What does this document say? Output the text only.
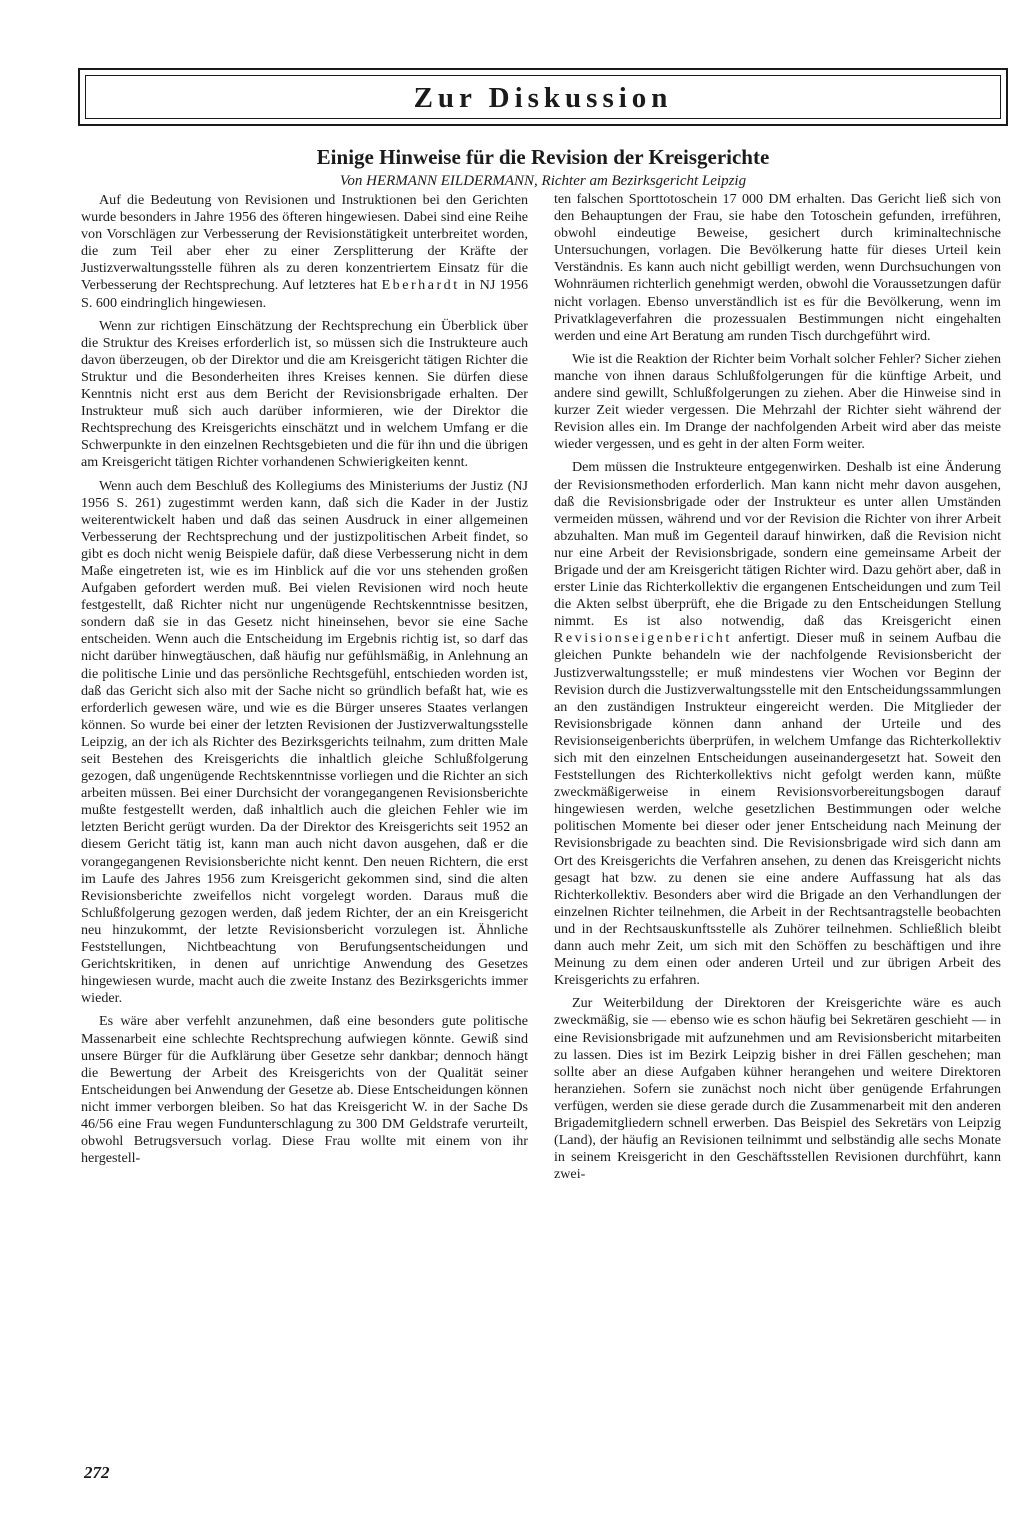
Zur Diskussion
Einige Hinweise für die Revision der Kreisgerichte

Von HERMANN EILDERMANN, Richter am Bezirksgericht Leipzig

Auf die Bedeutung von Revisionen und Instruktionen bei den Gerichten wurde besonders in Jahre 1956 des öfteren hingewiesen. Dabei sind eine Reihe von Vorschlägen zur Verbesserung der Revisionstätigkeit unterbreitet worden, die zum Teil aber eher zu einer Zersplitterung der Kräfte der Justizverwaltungsstelle führen als zu deren konzentriertem Einsatz für die Verbesserung der Rechtsprechung. Auf letzteres hat Eberhardt in NJ 1956 S. 600 eindringlich hingewiesen.

Wenn zur richtigen Einschätzung der Rechtsprechung ein Überblick über die Struktur des Kreises erforderlich ist, so müssen sich die Instrukteure auch davon überzeugen, ob der Direktor und die am Kreisgericht tätigen Richter die Struktur und die Besonderheiten ihres Kreises kennen. Sie dürfen diese Kenntnis nicht erst aus dem Bericht der Revisionsbrigade erhalten. Der Instrukteur muß sich auch darüber informieren, wie der Direktor die Rechtsprechung des Kreisgerichts einschätzt und in welchem Umfang er die Schwerpunkte in den einzelnen Rechtsgebieten und die für ihn und die übrigen am Kreisgericht tätigen Richter vorhandenen Schwierigkeiten kennt.

Wenn auch dem Beschluß des Kollegiums des Ministeriums der Justiz (NJ 1956 S. 261) zugestimmt werden kann, daß sich die Kader in der Justiz weiterentwickelt haben und daß das seinen Ausdruck in einer allgemeinen Verbesserung der Rechtsprechung und der justizpolitischen Arbeit findet, so gibt es doch nicht wenig Beispiele dafür, daß diese Verbesserung nicht in dem Maße eingetreten ist, wie es im Hinblick auf die vor uns stehenden großen Aufgaben gefordert werden muß. Bei vielen Revisionen wird noch heute festgestellt, daß Richter nicht nur ungenügende Rechtskenntnisse besitzen, sondern daß sie in das Gesetz nicht hineinsehen, bevor sie eine Sache entscheiden. Wenn auch die Entscheidung im Ergebnis richtig ist, so darf das nicht darüber hinwegtäuschen, daß häufig nur gefühlsmäßig, in Anlehnung an die politische Linie und das persönliche Rechtsgefühl, entschieden worden ist, daß das Gericht sich also mit der Sache nicht so gründlich befaßt hat, wie es erforderlich gewesen wäre, und wie es die Bürger unseres Staates verlangen können. So wurde bei einer der letzten Revisionen der Justizverwaltungsstelle Leipzig, an der ich als Richter des Bezirksgerichts teilnahm, zum dritten Male seit Bestehen des Kreisgerichts die inhaltlich gleiche Schlußfolgerung gezogen, daß ungenügende Rechtskenntnisse vorliegen und die Richter an sich arbeiten müssen. Bei einer Durchsicht der vorangegangenen Revisionsberichte mußte festgestellt werden, daß inhaltlich auch die gleichen Fehler wie im letzten Bericht gerügt wurden. Da der Direktor des Kreisgerichts seit 1952 an diesem Gericht tätig ist, kann man auch nicht davon ausgehen, daß er die vorangegangenen Revisionsberichte nicht kennt. Den neuen Richtern, die erst im Laufe des Jahres 1956 zum Kreisgericht gekommen sind, sind die alten Revisionsberichte zweifellos nicht vorgelegt worden. Daraus muß die Schlußfolgerung gezogen werden, daß jedem Richter, der an ein Kreisgericht neu hinzukommt, der letzte Revisionsbericht vorzulegen ist. Ähnliche Feststellungen, Nichtbeachtung von Berufungsentscheidungen und Gerichtskritiken, in denen auf unrichtige Anwendung des Gesetzes hingewiesen wurde, macht auch die zweite Instanz des Bezirksgerichts immer wieder.

Es wäre aber verfehlt anzunehmen, daß eine besonders gute politische Massenarbeit eine schlechte Rechtsprechung aufwiegen könnte. Gewiß sind unsere Bürger für die Aufklärung über Gesetze sehr dankbar; dennoch hängt die Bewertung der Arbeit des Kreisgerichts von der Qualität seiner Entscheidungen bei Anwendung der Gesetze ab. Diese Entscheidungen können nicht immer verborgen bleiben. So hat das Kreisgericht W. in der Sache Ds 46/56 eine Frau wegen Fundunterschlagung zu 300 DM Geldstrafe verurteilt, obwohl Betrugsversuch vorlag. Diese Frau wollte mit einem von ihr hergestell-

ten falschen Sporttotoschein 17 000 DM erhalten. Das Gericht ließ sich von den Behauptungen der Frau, sie habe den Totoschein gefunden, irreführen, obwohl eindeutige Beweise, gesichert durch kriminaltechnische Untersuchungen, vorlagen. Die Bevölkerung hatte für dieses Urteil kein Verständnis. Es kann auch nicht gebilligt werden, wenn Durchsuchungen von Wohnräumen richterlich genehmigt werden, obwohl die Voraussetzungen dafür nicht vorlagen. Ebenso unverständlich ist es für die Bevölkerung, wenn im Privatklageverfahren die prozessualen Bestimmungen nicht eingehalten werden und eine Art Beratung am runden Tisch durchgeführt wird.

Wie ist die Reaktion der Richter beim Vorhalt solcher Fehler? Sicher ziehen manche von ihnen daraus Schlußfolgerungen für die künftige Arbeit, und andere sind gewillt, Schlußfolgerungen zu ziehen. Aber die Hinweise sind in kurzer Zeit wieder vergessen. Die Mehrzahl der Richter sieht während der Revision alles ein. Im Drange der nachfolgenden Arbeit wird aber das meiste wieder vergessen, und es geht in der alten Form weiter.

Dem müssen die Instrukteure entgegenwirken. Deshalb ist eine Änderung der Revisionsmethoden erforderlich. Man kann nicht mehr davon ausgehen, daß die Revisionsbrigade oder der Instrukteur es unter allen Umständen vermeiden müssen, während und vor der Revision die Richter von ihrer Arbeit abzuhalten. Man muß im Gegenteil darauf hinwirken, daß die Revision nicht nur eine Arbeit der Revisionsbrigade, sondern eine gemeinsame Arbeit der Brigade und der am Kreisgericht tätigen Richter wird. Dazu gehört aber, daß in erster Linie das Richterkollektiv die ergangenen Entscheidungen und zum Teil die Akten selbst überprüft, ehe die Brigade zu den Entscheidungen Stellung nimmt. Es ist also notwendig, daß das Kreisgericht einen Revisionseigenbericht anfertigt. Dieser muß in seinem Aufbau die gleichen Punkte behandeln wie der nachfolgende Revisionsbericht der Justizverwaltungsstelle; er muß mindestens vier Wochen vor Beginn der Revision durch die Justizverwaltungsstelle mit den Entscheidungssammlungen an den zuständigen Instrukteur eingereicht werden. Die Mitglieder der Revisionsbrigade können dann anhand der Urteile und des Revisionseigenberichts überprüfen, in welchem Umfange das Richterkollektiv sich mit den einzelnen Entscheidungen auseinandergesetzt hat. Soweit den Feststellungen des Richterkollektivs nicht gefolgt werden kann, müßte zweckmäßigerweise in einem Revisionsvorbereitungsbogen darauf hingewiesen werden, welche gesetzlichen Bestimmungen oder welche politischen Momente bei dieser oder jener Entscheidung nach Meinung der Revisionsbrigade zu beachten sind. Die Revisionsbrigade wird sich dann am Ort des Kreisgerichts die Verfahren ansehen, zu denen das Kreisgericht nichts gesagt hat bzw. zu denen sie eine andere Auffassung hat als das Richterkollektiv. Besonders aber wird die Brigade an den Verhandlungen der einzelnen Richter teilnehmen, die Arbeit in der Rechtsantragstelle beobachten und in der Rechtsauskunftsstelle als Zuhörer teilnehmen. Schließlich bleibt dann auch mehr Zeit, um sich mit den Schöffen zu beschäftigen und ihre Meinung zu dem einen oder anderen Urteil und zur übrigen Arbeit des Kreisgerichts zu erfahren.

Zur Weiterbildung der Direktoren der Kreisgerichte wäre es auch zweckmäßig, sie — ebenso wie es schon häufig bei Sekretären geschieht — in eine Revisionsbrigade mit aufzunehmen und am Revisionsbericht mitarbeiten zu lassen. Dies ist im Bezirk Leipzig bisher in drei Fällen geschehen; man sollte aber an diese Aufgaben kühner herangehen und weitere Direktoren heranziehen. Sofern sie zunächst noch nicht über genügende Erfahrungen verfügen, werden sie diese gerade durch die Zusammenarbeit mit den anderen Brigademitgliedern schnell erwerben. Das Beispiel des Sekretärs von Leipzig (Land), der häufig an Revisionen teilnimmt und selbständig alle sechs Monate in seinem Kreisgericht in den Geschäftsstellen Revisionen durchführt, kann zwei-

272
